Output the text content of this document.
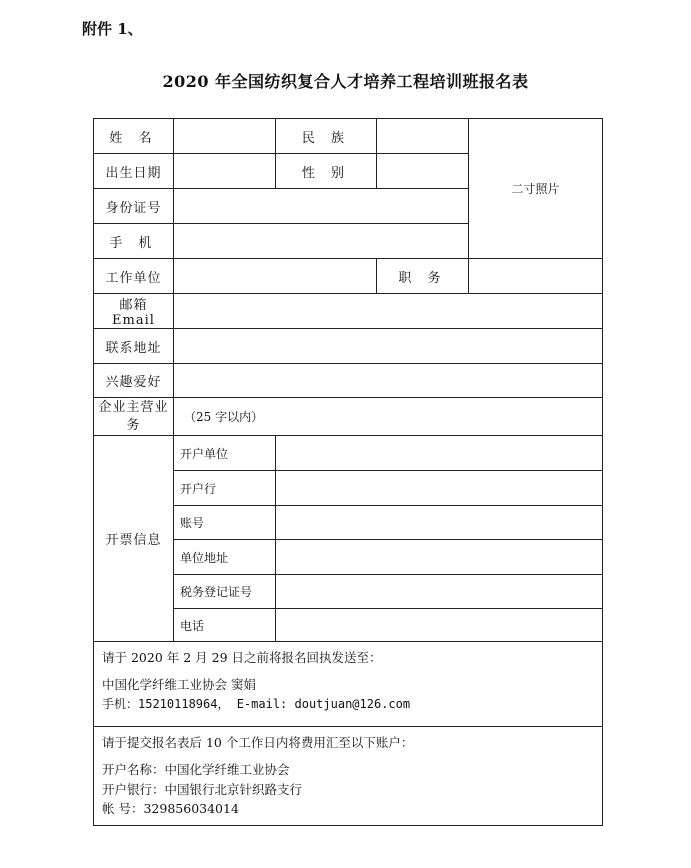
附件 1、
2020 年全国纺织复合人才培养工程培训班报名表
姓 名		民 族		二寸照片
出生日期		性 别		
身份证号				
手 机				
工作单位			职 务	
邮箱 Email				
联系地址				
兴趣爱好				
企业主营业务	（25 字以内）			
开票信息	开户单位			
	开户行			
	账号			
	单位地址			
	税务登记证号			
	电话			

请于 2020 年 2 月 29 日之前将报名回执发送至：

中国化学纤维工业协会 窦娟

手机：15210118964， E-mail: doutjuan@126.com				

请于提交报名表后 10 个工作日内将费用汇至以下账户：

开户名称：中国化学纤维工业协会

开户银行：中国银行北京针织路支行

帐 号：329856034014				
